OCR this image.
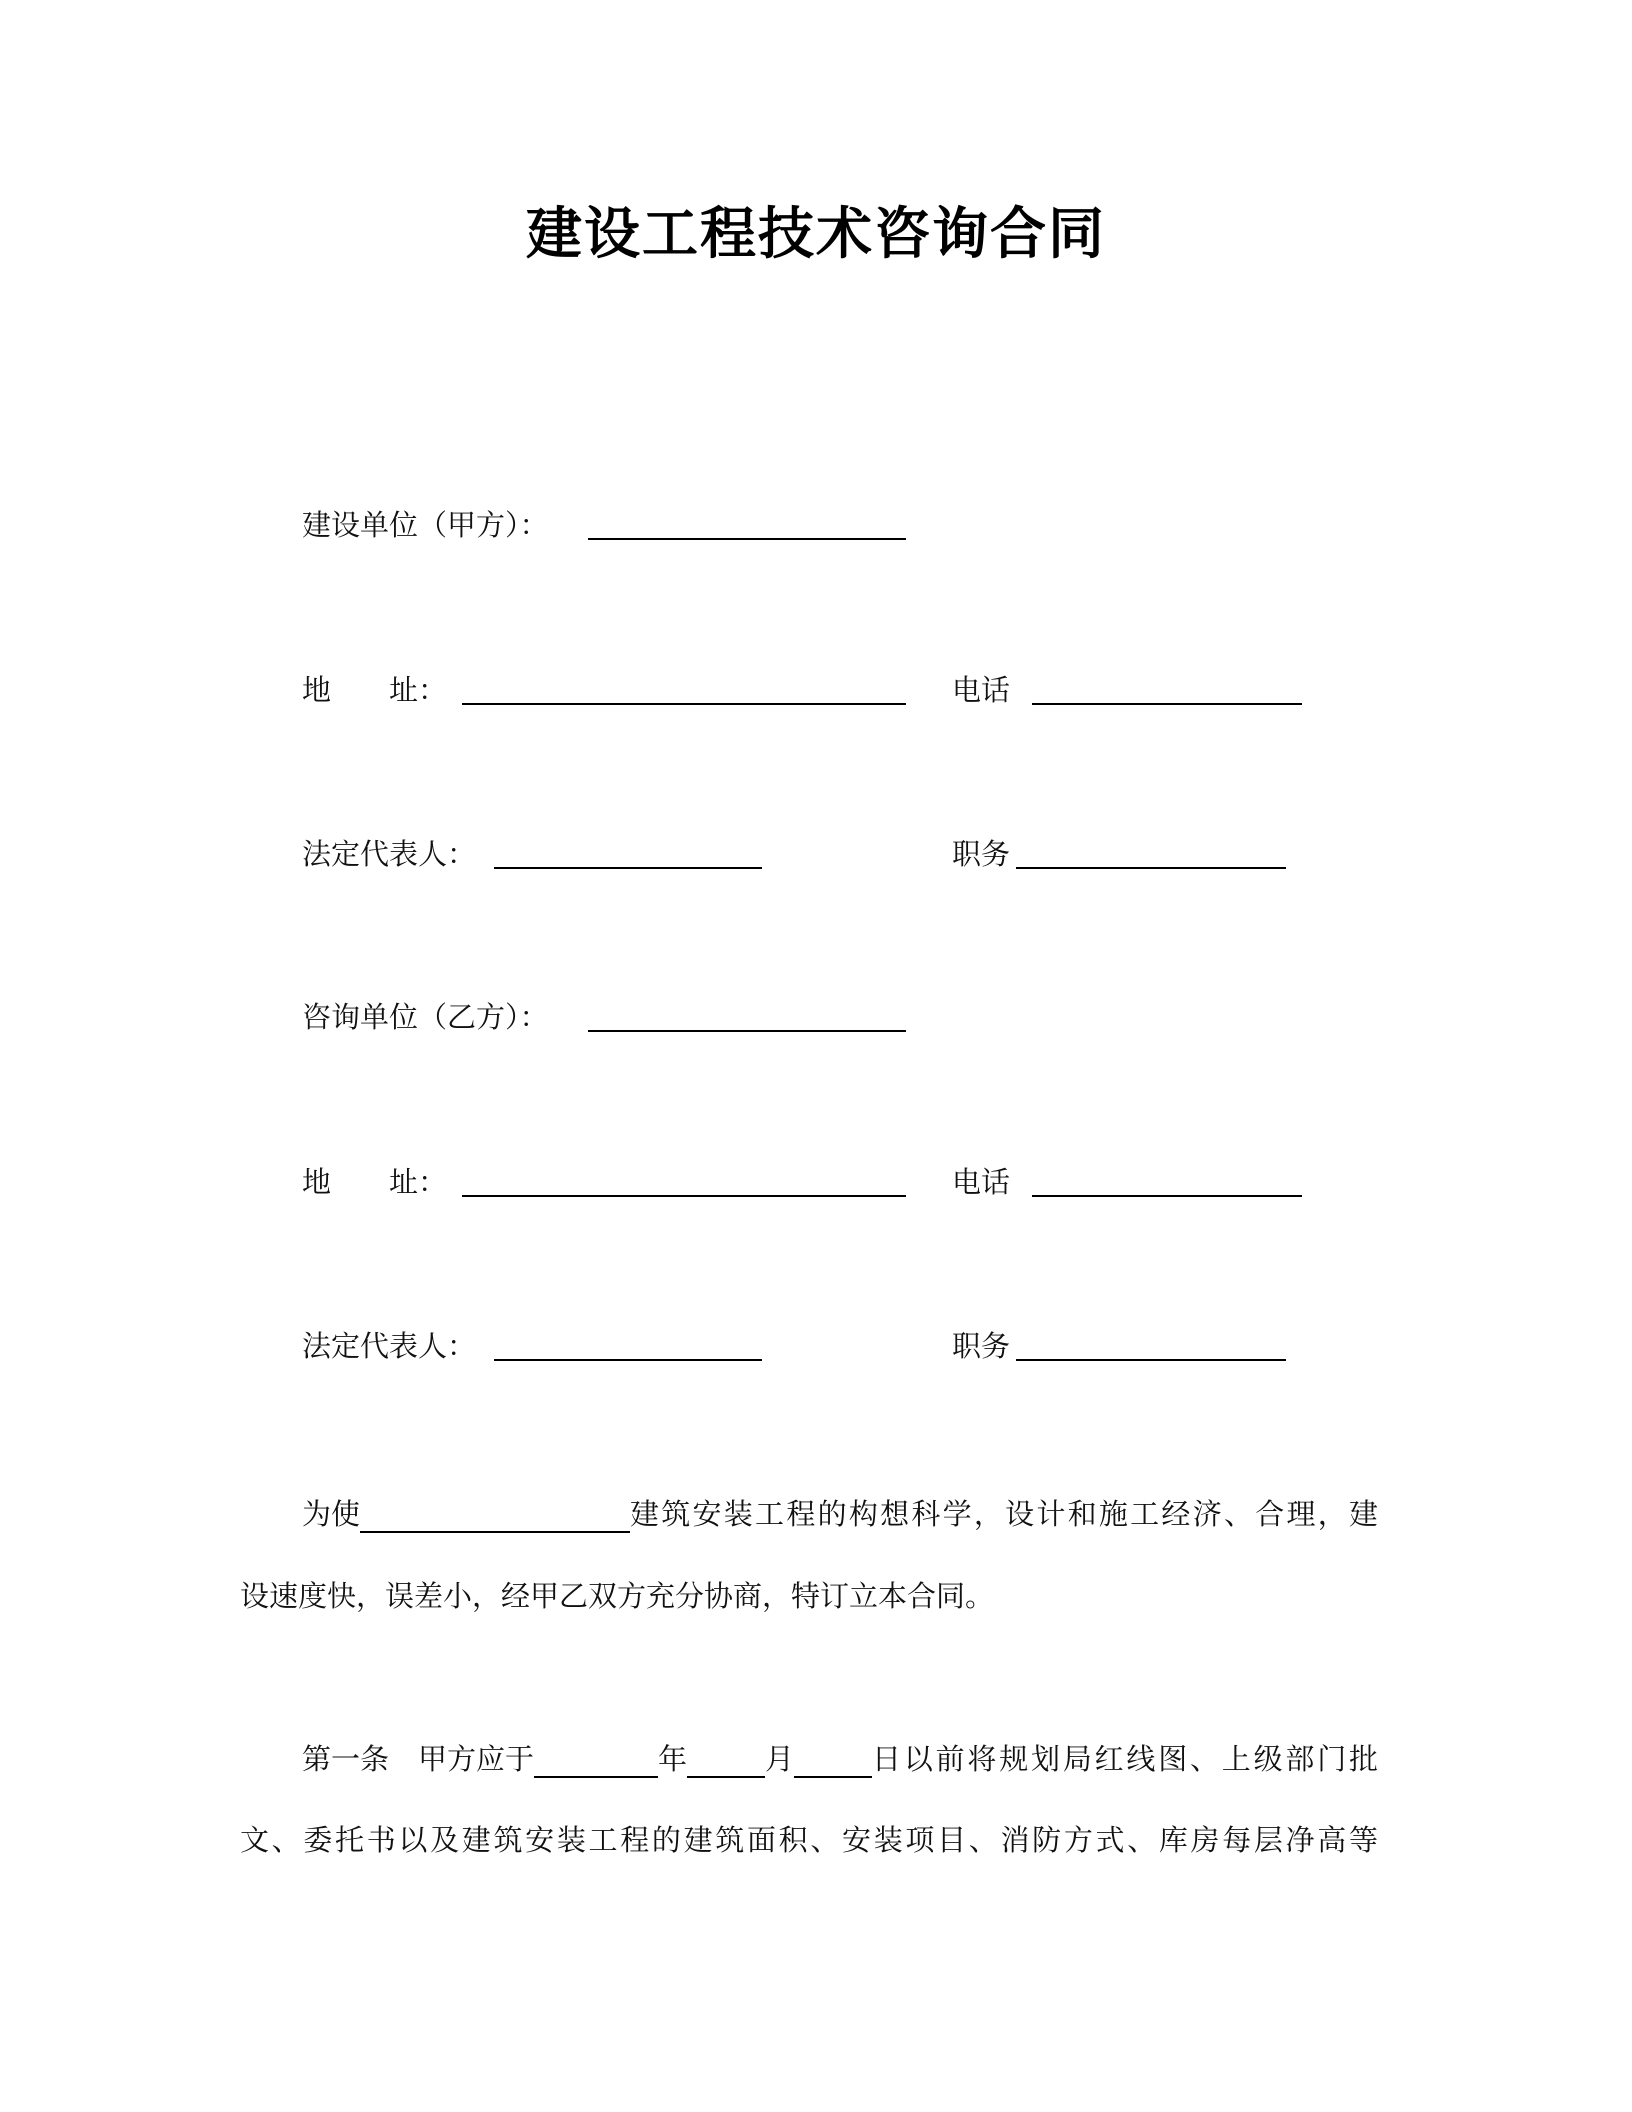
建设工程技术咨询合同
建设单位（甲方）：
地　　址：	电话
法定代表人：	职务
咨询单位（乙方）：
地　　址：	电话
法定代表人：	职务
为使	建筑安装工程的构想科学，设计和施工经济、合理，建
设速度快，误差小，经甲乙双方充分协商，特订立本合同。
第一条　甲方应于	年	月	日以前将规划局红线图、上级部门批
文、委托书以及建筑安装工程的建筑面积、安装项目、消防方式、库房每层净高等
